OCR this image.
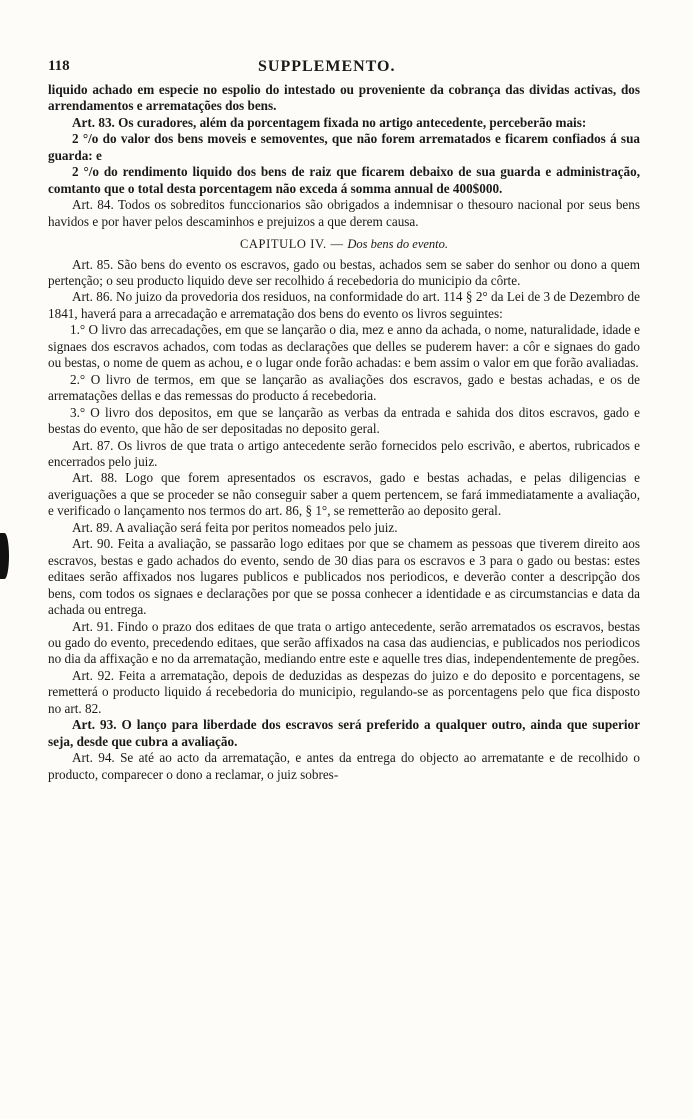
118	SUPPLEMENTO.

liquido achado em especie no espolio do intestado ou proveniente da cobrança das dividas activas, dos arrendamentos e arrematações dos bens.

Art. 83. Os curadores, além da porcentagem fixada no artigo antecedente, perceberão mais:

2 °/o do valor dos bens moveis e semoventes, que não forem arrematados e ficarem confiados á sua guarda: e

2 °/o do rendimento liquido dos bens de raiz que ficarem debaixo de sua guarda e administração, comtanto que o total desta porcentagem não exceda á somma annual de 400$000.

Art. 84. Todos os sobreditos funccionarios são obrigados a indemnisar o thesouro nacional por seus bens havidos e por haver pelos descaminhos e prejuizos a que derem causa.

CAPITULO IV. — Dos bens do evento.

Art. 85. São bens do evento os escravos, gado ou bestas, achados sem se saber do senhor ou dono a quem pertenção; o seu producto liquido deve ser recolhido á recebedoria do municipio da côrte.

Art. 86. No juizo da provedoria dos residuos, na conformidade do art. 114 § 2° da Lei de 3 de Dezembro de 1841, haverá para a arrecadação e arrematação dos bens do evento os livros seguintes:

1.° O livro das arrecadações, em que se lançarão o dia, mez e anno da achada, o nome, naturalidade, idade e signaes dos escravos achados, com todas as declarações que delles se puderem haver: a côr e signaes do gado ou bestas, o nome de quem as achou, e o lugar onde forão achadas: e bem assim o valor em que forão avaliadas.

2.° O livro de termos, em que se lançarão as avaliações dos escravos, gado e bestas achadas, e os de arrematações dellas e das remessas do producto á recebedoria.

3.° O livro dos depositos, em que se lançarão as verbas da entrada e sahida dos ditos escravos, gado e bestas do evento, que hão de ser depositadas no deposito geral.

Art. 87. Os livros de que trata o artigo antecedente serão fornecidos pelo escrivão, e abertos, rubricados e encerrados pelo juiz.

Art. 88. Logo que forem apresentados os escravos, gado e bestas achadas, e pelas diligencias e averiguações a que se proceder se não conseguir saber a quem pertencem, se fará immediatamente a avaliação, e verificado o lançamento nos termos do art. 86, § 1°, se remetterão ao deposito geral.

Art. 89. A avaliação será feita por peritos nomeados pelo juiz.

Art. 90. Feita a avaliação, se passarão logo editaes por que se chamem as pessoas que tiverem direito aos escravos, bestas e gado achados do evento, sendo de 30 dias para os escravos e 3 para o gado ou bestas: estes editaes serão affixados nos lugares publicos e publicados nos periodicos, e deverão conter a descripção dos bens, com todos os signaes e declarações por que se possa conhecer a identidade e as circumstancias e data da achada ou entrega.

Art. 91. Findo o prazo dos editaes de que trata o artigo antecedente, serão arrematados os escravos, bestas ou gado do evento, precedendo editaes, que serão affixados na casa das audiencias, e publicados nos periodicos no dia da affixação e no da arrematação, mediando entre este e aquelle tres dias, independentemente de pregões.

Art. 92. Feita a arrematação, depois de deduzidas as despezas do juizo e do deposito e porcentagens, se remetterá o producto liquido á recebedoria do municipio, regulando-se as porcentagens pelo que fica disposto no art. 82.

Art. 93. O lanço para liberdade dos escravos será preferido a qualquer outro, ainda que superior seja, desde que cubra a avaliação.

Art. 94. Se até ao acto da arrematação, e antes da entrega do objecto ao arrematante e de recolhido o producto, comparecer o dono a reclamar, o juiz sobres-
